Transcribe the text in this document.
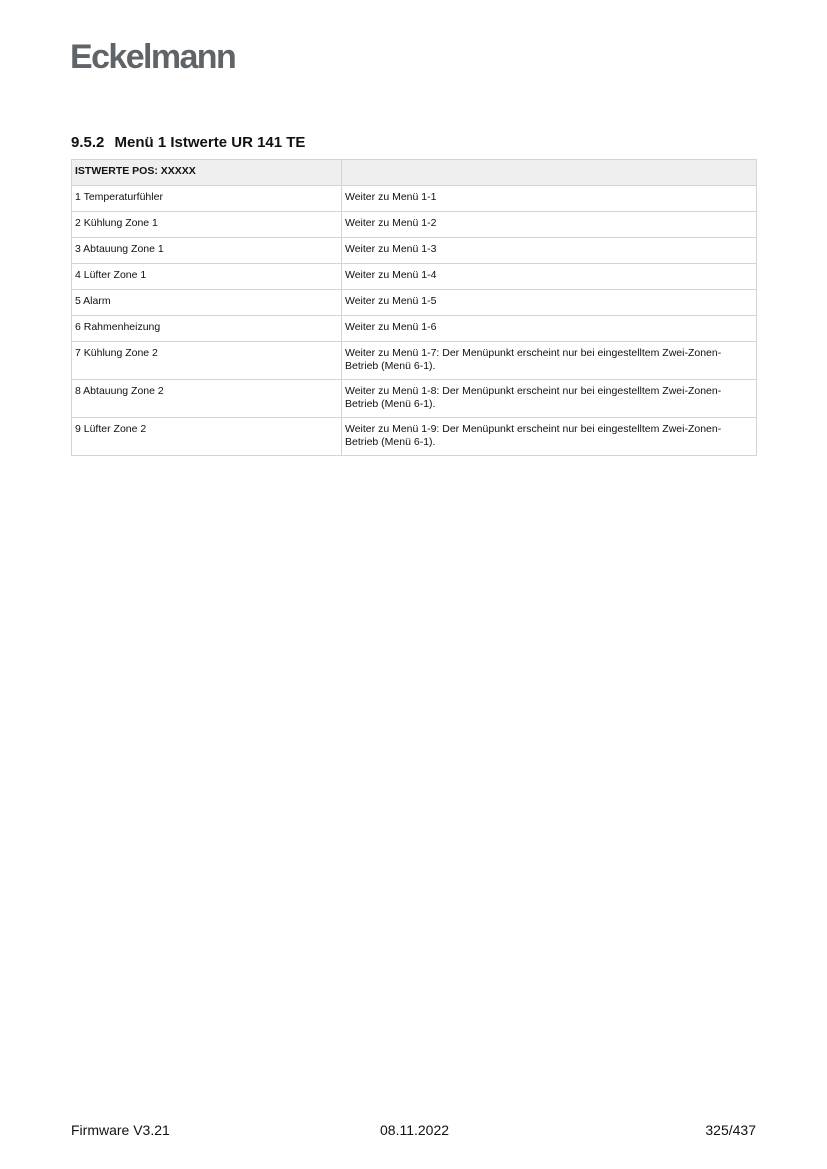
Eckelmann
9.5.2 Menü 1 Istwerte UR 141 TE
ISTWERTE POS: XXXXX	
1 Temperaturfühler	Weiter zu Menü 1-1
2 Kühlung Zone 1	Weiter zu Menü 1-2
3 Abtauung Zone 1	Weiter zu Menü 1-3
4 Lüfter Zone 1	Weiter zu Menü 1-4
5 Alarm	Weiter zu Menü 1-5
6 Rahmenheizung	Weiter zu Menü 1-6
7 Kühlung Zone 2	Weiter zu Menü 1-7: Der Menüpunkt erscheint nur bei eingestelltem Zwei-Zonen-Betrieb (Menü 6-1).
8 Abtauung Zone 2	Weiter zu Menü 1-8: Der Menüpunkt erscheint nur bei eingestelltem Zwei-Zonen-Betrieb (Menü 6-1).
9 Lüfter Zone 2	Weiter zu Menü 1-9: Der Menüpunkt erscheint nur bei eingestelltem Zwei-Zonen-Betrieb (Menü 6-1).
Firmware V3.21	08.11.2022	325/437
